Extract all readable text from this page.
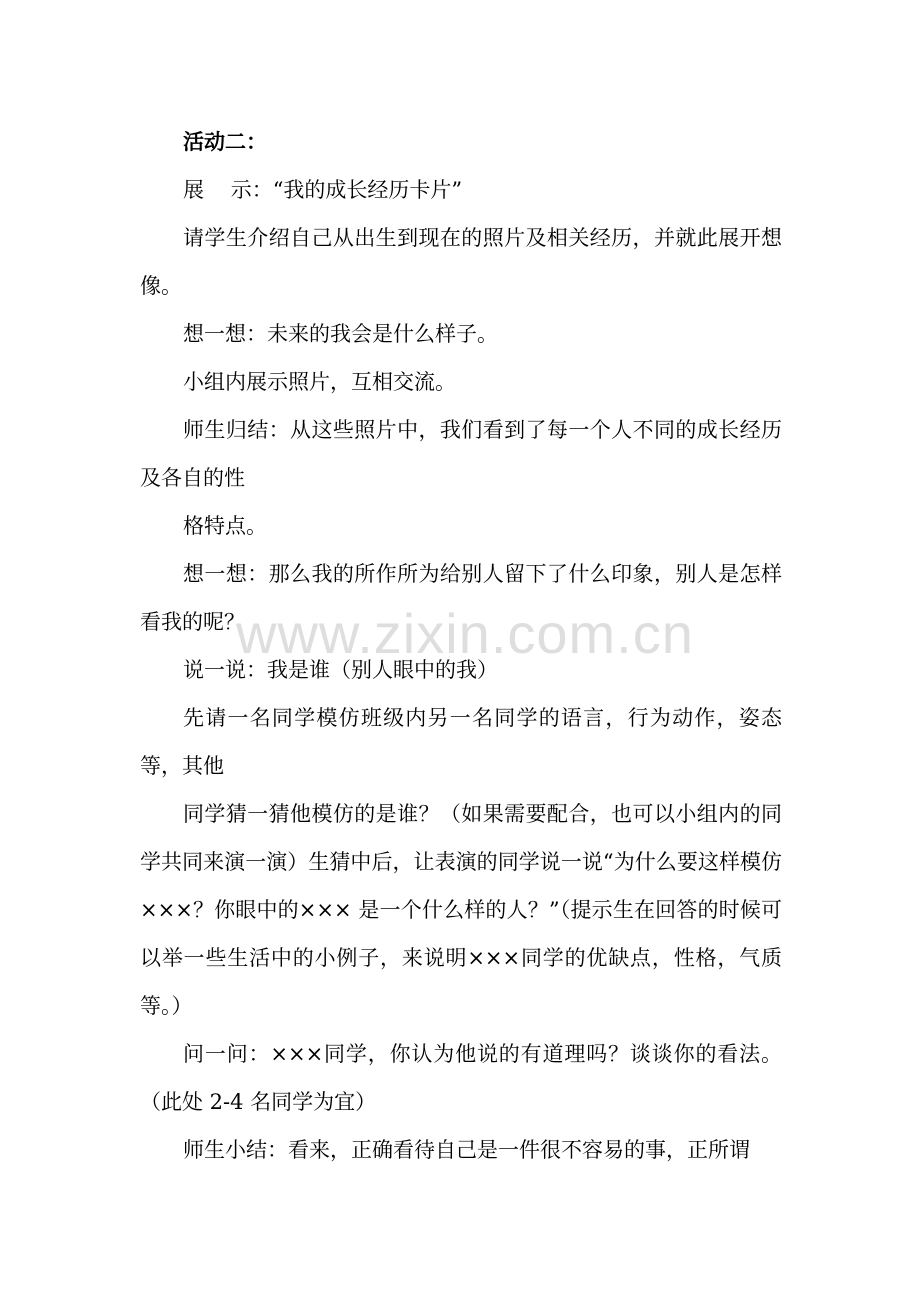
活动二：

展    示：“我的成长经历卡片”

请学生介绍自己从出生到现在的照片及相关经历，并就此展开想像。

想一想：未来的我会是什么样子。

小组内展示照片，互相交流。

师生归结：从这些照片中，我们看到了每一个人不同的成长经历及各自的性

格特点。

想一想：那么我的所作所为给别人留下了什么印象，别人是怎样看我的呢？

说一说：我是谁（别人眼中的我）

先请一名同学模仿班级内另一名同学的语言，行为动作，姿态等，其他

同学猜一猜他模仿的是谁？（如果需要配合，也可以小组内的同学共同来演一演）生猜中后，让表演的同学说一说“为什么要这样模仿×××？你眼中的××× 是一个什么样的人？”（提示生在回答的时候可以举一些生活中的小例子，来说明×××同学的优缺点，性格，气质等。）

问一问：×××同学，你认为他说的有道理吗？谈谈你的看法。（此处 2-4 名同学为宜）

师生小结：看来，正确看待自己是一件很不容易的事，正所谓

www.zixin.com.cn
